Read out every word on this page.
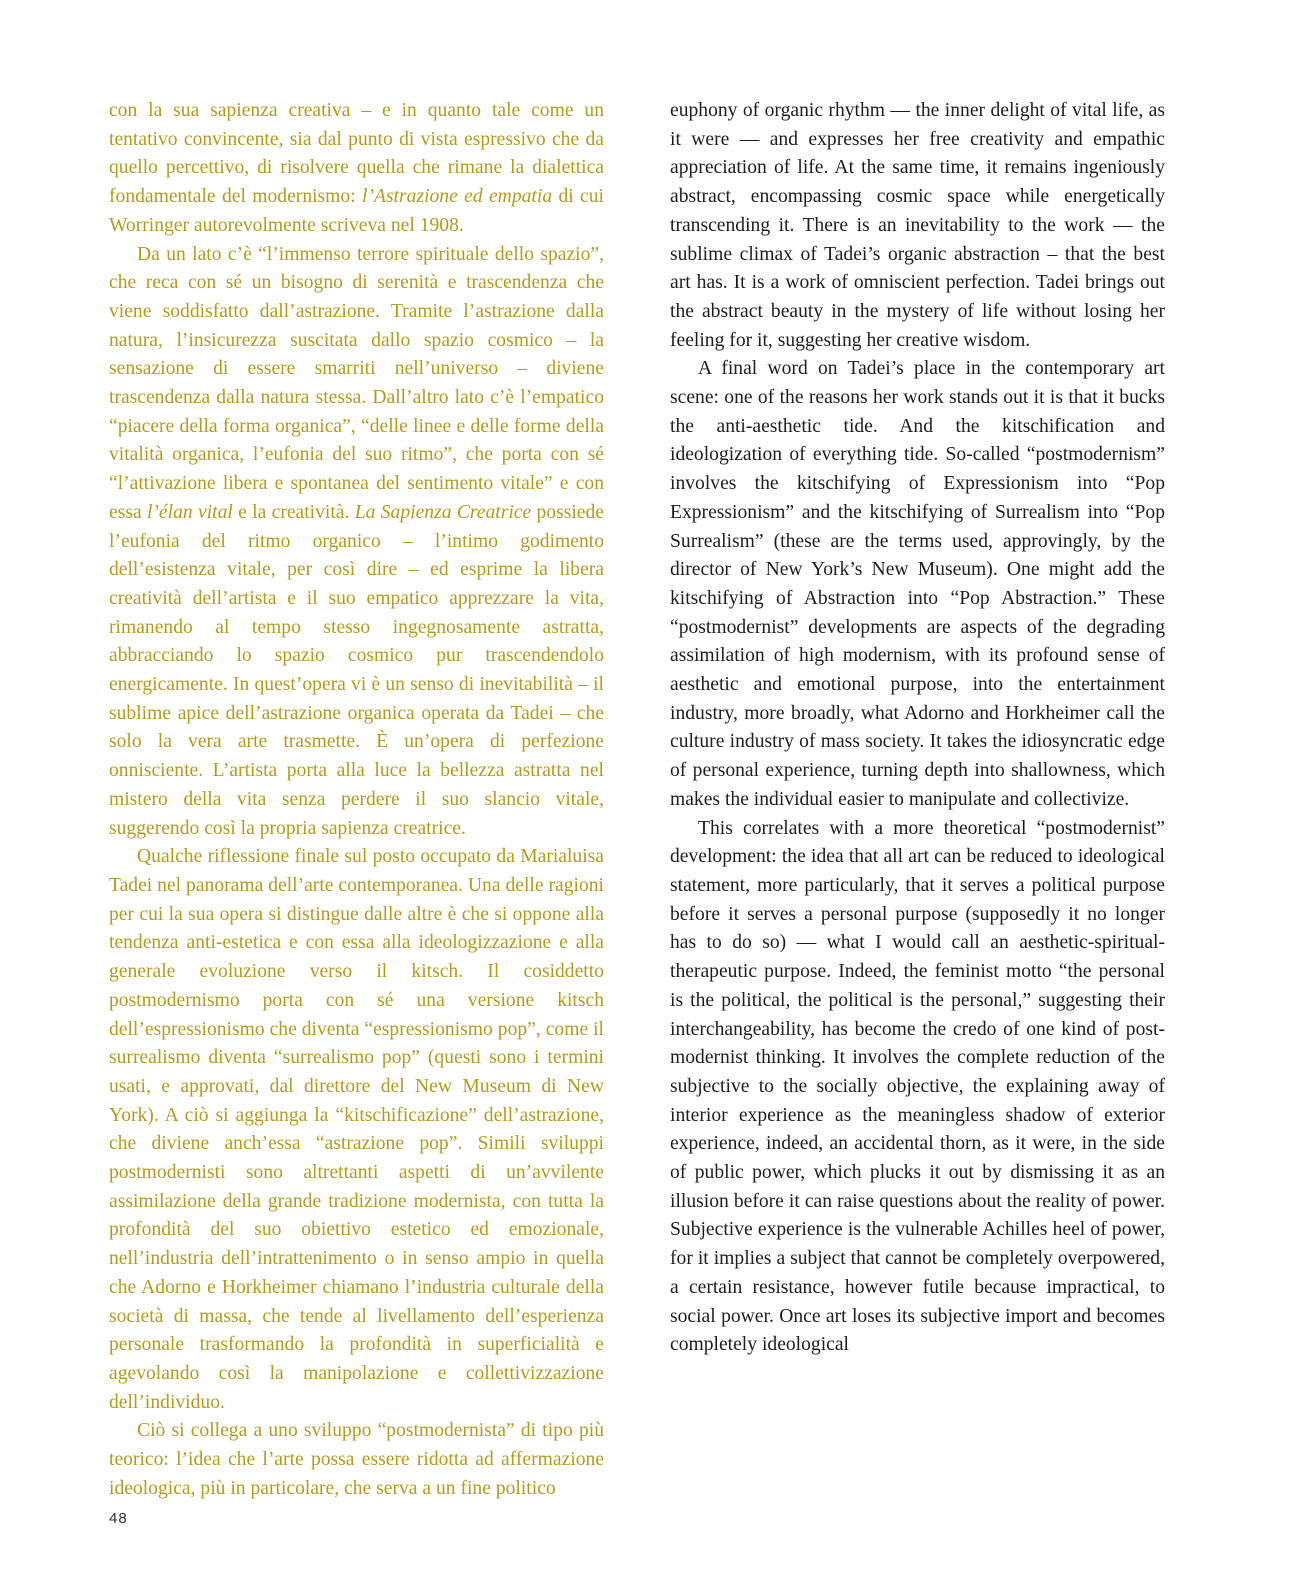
con la sua sapienza creativa – e in quanto tale come un tentativo convincente, sia dal punto di vista espressivo che da quello percettivo, di risolvere quella che rimane la dialettica fondamentale del modernismo: l’Astrazione ed empatia di cui Worringer autorevolmente scriveva nel 1908.

Da un lato c’è “l’immenso terrore spirituale dello spazio”, che reca con sé un bisogno di serenità e trascendenza che viene soddisfatto dall’astrazione. Tramite l’astrazione dalla natura, l’insicurezza suscitata dallo spazio cosmico – la sensazione di essere smarriti nell’universo – diviene trascendenza dalla natura stessa. Dall’altro lato c’è l’empatico “piacere della forma organica”, “delle linee e delle forme della vitalità organica, l’eufonia del suo ritmo”, che porta con sé “l’attivazione libera e spontanea del sentimento vitale” e con essa l’élan vital e la creatività. La Sapienza Creatrice possiede l’eufonia del ritmo organico – l’intimo godimento dell’esistenza vitale, per così dire – ed esprime la libera creatività dell’artista e il suo empatico apprezzare la vita, rimanendo al tempo stesso ingegnosamente astratta, abbracciando lo spazio cosmico pur trascendendolo energicamente. In quest’opera vi è un senso di inevitabilità – il sublime apice dell’astrazione organica operata da Tadei – che solo la vera arte trasmette. È un’opera di perfezione onnisciente. L’artista porta alla luce la bellezza astratta nel mistero della vita senza perdere il suo slancio vitale, suggerendo così la propria sapienza creatrice.

Qualche riflessione finale sul posto occupato da Marialuisa Tadei nel panorama dell’arte contemporanea. Una delle ragioni per cui la sua opera si distingue dalle altre è che si oppone alla tendenza anti-estetica e con essa alla ideologizzazione e alla generale evoluzione verso il kitsch. Il cosiddetto postmodernismo porta con sé una versione kitsch dell’espressionismo che diventa “espressionismo pop”, come il surrealismo diventa “surrealismo pop” (questi sono i termini usati, e approvati, dal direttore del New Museum di New York). A ciò si aggiunga la “kitschificazione” dell’astrazione, che diviene anch’essa “astrazione pop”. Simili sviluppi postmodernisti sono altrettanti aspetti di un’avvilente assimilazione della grande tradizione modernista, con tutta la profondità del suo obiettivo estetico ed emozionale, nell’industria dell’intrattenimento o in senso ampio in quella che Adorno e Horkheimer chiamano l’industria culturale della società di massa, che tende al livellamento dell’esperienza personale trasformando la profondità in superficialità e agevolando così la manipolazione e collettivizzazione dell’individuo.

Ciò si collega a uno sviluppo “postmodernista” di tipo più teorico: l’idea che l’arte possa essere ridotta ad affermazione ideologica, più in particolare, che serva a un fine politico

euphony of organic rhythm — the inner delight of vital life, as it were — and expresses her free creativity and empathic appreciation of life. At the same time, it remains ingeniously abstract, encompassing cosmic space while energetically transcending it. There is an inevitability to the work — the sublime climax of Tadei’s organic abstraction – that the best art has. It is a work of omniscient perfection. Tadei brings out the abstract beauty in the mystery of life without losing her feeling for it, suggesting her creative wisdom.

A final word on Tadei’s place in the contemporary art scene: one of the reasons her work stands out it is that it bucks the anti-aesthetic tide. And the kitschification and ideologization of everything tide. So-called “postmodernism” involves the kitschifying of Expressionism into “Pop Expressionism” and the kitschifying of Surrealism into “Pop Surrealism” (these are the terms used, approvingly, by the director of New York’s New Museum). One might add the kitschifying of Abstraction into “Pop Abstraction.” These “postmodernist” developments are aspects of the degrading assimilation of high modernism, with its profound sense of aesthetic and emotional purpose, into the entertainment industry, more broadly, what Adorno and Horkheimer call the culture industry of mass society. It takes the idiosyncratic edge of personal experience, turning depth into shallowness, which makes the individual easier to manipulate and collectivize.

This correlates with a more theoretical “postmodernist” development: the idea that all art can be reduced to ideological statement, more particularly, that it serves a political purpose before it serves a personal purpose (supposedly it no longer has to do so) — what I would call an aesthetic-spiritual-therapeutic purpose. Indeed, the feminist motto “the personal is the political, the political is the personal,” suggesting their interchangeability, has become the credo of one kind of post-modernist thinking. It involves the complete reduction of the subjective to the socially objective, the explaining away of interior experience as the meaningless shadow of exterior experience, indeed, an accidental thorn, as it were, in the side of public power, which plucks it out by dismissing it as an illusion before it can raise questions about the reality of power. Subjective experience is the vulnerable Achilles heel of power, for it implies a subject that cannot be completely overpowered, a certain resistance, however futile because impractical, to social power. Once art loses its subjective import and becomes completely ideological

48
